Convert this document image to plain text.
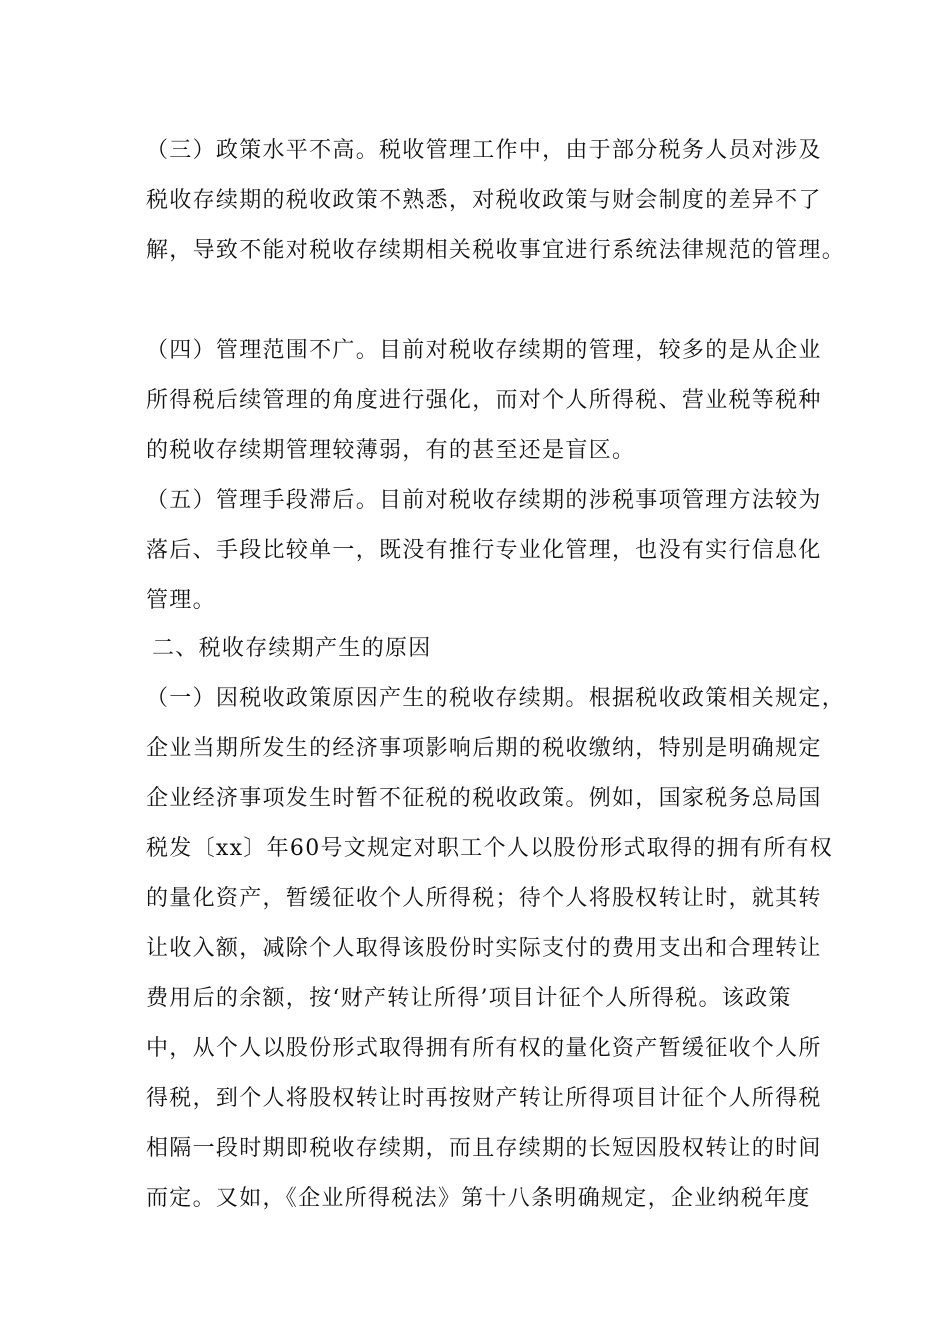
（三）政策水平不高。税收管理工作中，由于部分税务人员对涉及
税收存续期的税收政策不熟悉，对税收政策与财会制度的差异不了
解，导致不能对税收存续期相关税收事宜进行系统法律规范的管理。
（四）管理范围不广。目前对税收存续期的管理，较多的是从企业
所得税后续管理的角度进行强化，而对个人所得税、营业税等税种
的税收存续期管理较薄弱，有的甚至还是盲区。
（五）管理手段滞后。目前对税收存续期的涉税事项管理方法较为
落后、手段比较单一，既没有推行专业化管理，也没有实行信息化
管理。
二、税收存续期产生的原因
（一）因税收政策原因产生的税收存续期。根据税收政策相关规定，
企业当期所发生的经济事项影响后期的税收缴纳，特别是明确规定
企业经济事项发生时暂不征税的税收政策。例如，国家税务总局国
税发〔xx〕年60号文规定对职工个人以股份形式取得的拥有所有权
的量化资产，暂缓征收个人所得税；待个人将股权转让时，就其转
让收入额，减除个人取得该股份时实际支付的费用支出和合理转让
费用后的余额，按‘财产转让所得’项目计征个人所得税。该政策
中，从个人以股份形式取得拥有所有权的量化资产暂缓征收个人所
得税，到个人将股权转让时再按财产转让所得项目计征个人所得税
相隔一段时期即税收存续期，而且存续期的长短因股权转让的时间
而定。又如，《企业所得税法》第十八条明确规定，企业纳税年度
